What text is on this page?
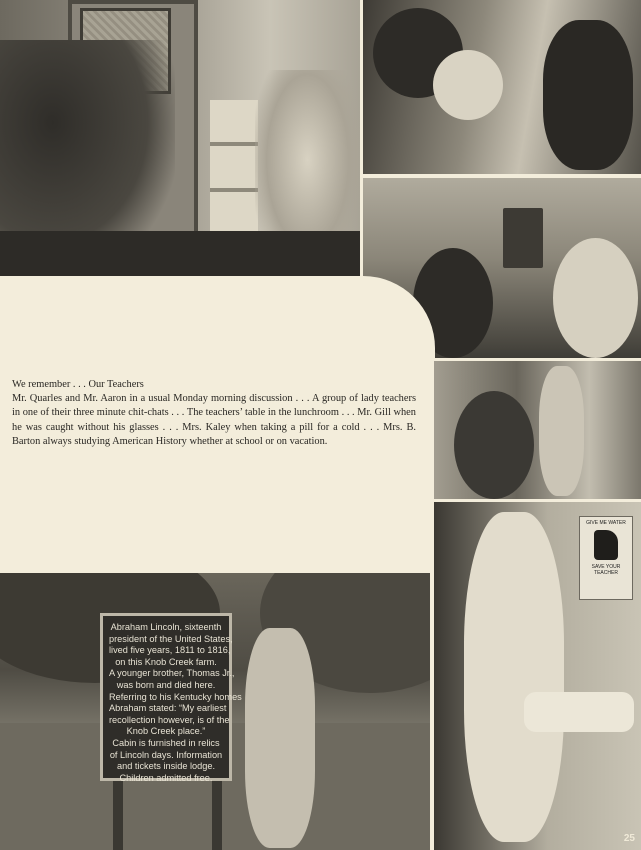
GIVE ME WATER
SAVE YOUR TEACHER
25
Abraham Lincoln, sixteenth
president of the United States,
lived five years, 1811 to 1816,
on this Knob Creek farm.
A younger brother, Thomas Jr.,
was born and died here.
Referring to his Kentucky homes
Abraham stated: “My earliest
recollection however, is of the
Knob Creek place.”
Cabin is furnished in relics
of Lincoln days. Information
and tickets inside lodge.
Children admitted free.
We remember . . . Our Teachers
Mr. Quarles and Mr. Aaron in a usual Monday morning discussion . . . A group of lady teachers in one of their three minute chit-chats . . . The teachers’ table in the lunchroom . . . Mr. Gill when he was caught without his glasses . . . Mrs. Kaley when taking a pill for a cold . . . Mrs. B. Barton always studying American History whether at school or on vacation.
